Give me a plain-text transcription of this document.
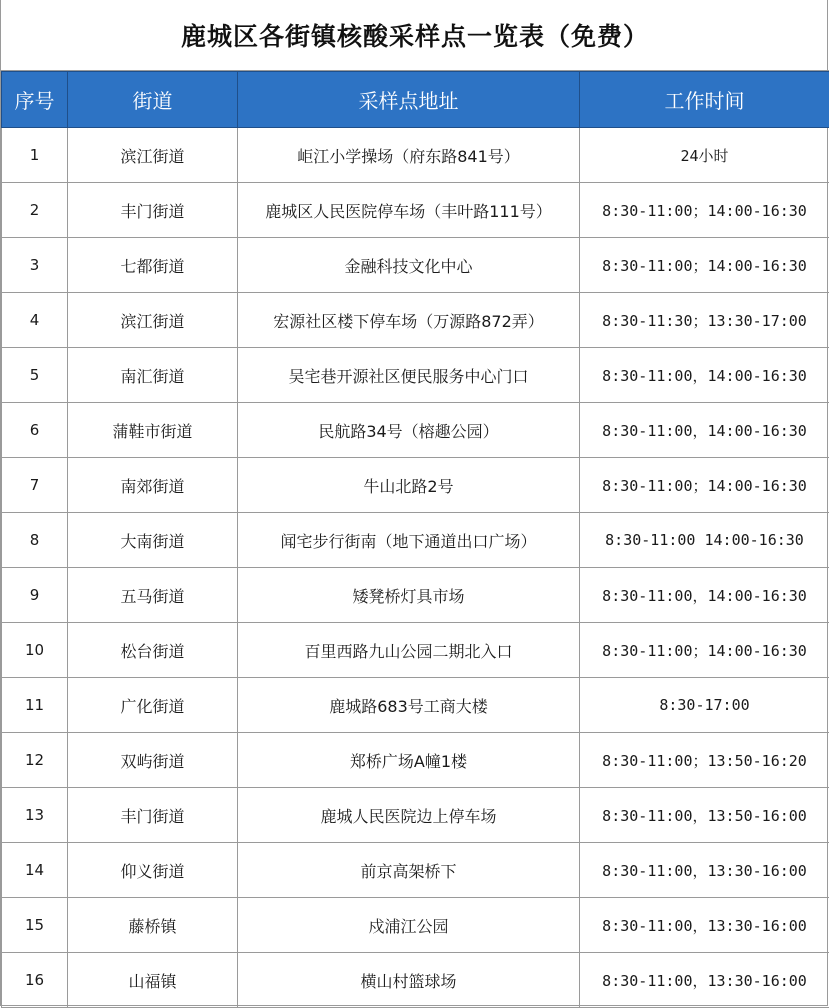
鹿城区各街镇核酸采样点一览表（免费）
序号	街道	采样点地址	工作时间
1	滨江街道	岠江小学操场（府东路841号）	24小时
2	丰门街道	鹿城区人民医院停车场（丰叶路111号）	8:30-11:00；14:00-16:30
3	七都街道	金融科技文化中心	8:30-11:00；14:00-16:30
4	滨江街道	宏源社区楼下停车场（万源路872弄）	8:30-11:30；13:30-17:00
5	南汇街道	吴宅巷开源社区便民服务中心门口	8:30-11:00，14:00-16:30
6	蒲鞋市街道	民航路34号（榕趣公园）	8:30-11:00，14:00-16:30
7	南郊街道	牛山北路2号	8:30-11:00；14:00-16:30
8	大南街道	闻宅步行街南（地下通道出口广场）	8:30-11:00 14:00-16:30
9	五马街道	矮凳桥灯具市场	8:30-11:00，14:00-16:30
10	松台街道	百里西路九山公园二期北入口	8:30-11:00；14:00-16:30
11	广化街道	鹿城路683号工商大楼	8:30-17:00
12	双屿街道	郑桥广场A幢1楼	8:30-11:00；13:50-16:20
13	丰门街道	鹿城人民医院边上停车场	8:30-11:00，13:50-16:00
14	仰义街道	前京高架桥下	8:30-11:00，13:30-16:00
15	藤桥镇	戍浦江公园	8:30-11:00，13:30-16:00
16	山福镇	横山村篮球场	8:30-11:00，13:30-16:00
